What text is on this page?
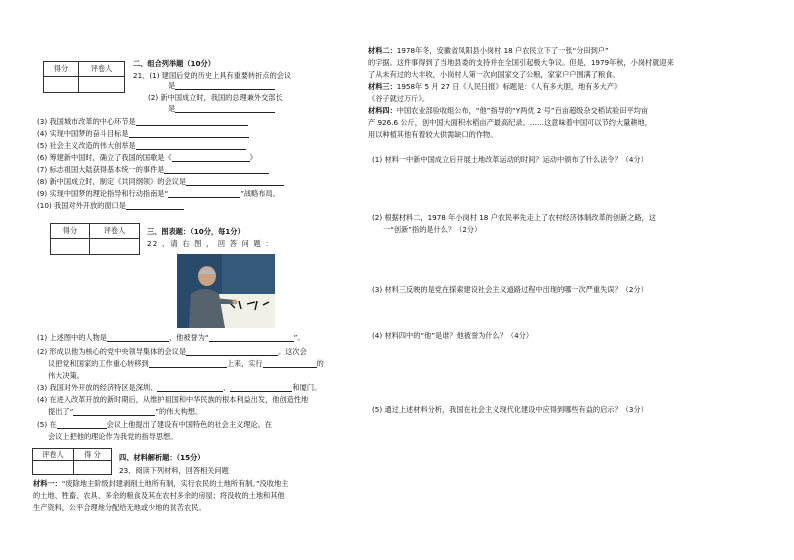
得分	评卷人

二、组合列举题（10分）
21、(1) 建国后党的历史上具有重要转折点的会议
是
(2) 新中国成立时，我国的总理兼外交部长
是
(3) 我国城市改革的中心环节是
(4) 实现中国梦的奋斗目标是
(5) 社会主义改造的伟大创举是
(6) 筹建新中国时，确立了我国的国歌是《	》
(7) 标志祖国大陆获得基本统一的事件是
(8) 新中国成立时，制定《共同纲领》的会议是
(9) 实现中国梦的理论指导和行动指南是“	”战略布局。
(10) 我国对外开放的窗口是
得分	评卷人
		三、图表题：（10分，每1分）
22 、请 右 图 ， 回 答 问 题 ：
(1) 上述图中的人物是	，他被誉为“	”。
(2) 形成以他为核心的党中央领导集体的会议是	。这次会
议把党和国家的工作重心转移到	上来，实行	的
伟大决策。
(3) 我国对外开放的经济特区是深圳、	、	和厦门。
(4) 在进入改革开放的新时期后，从维护祖国和中华民族的根本利益出发，他创造性地
提出了“	”的伟大构想。
(5) 在	会议上他提出了建设有中国特色的社会主义理论。在
会议上把他的理论作为我党的指导思想。
评卷人	得 分
		四、材料解析题：（15分）
23、阅读下列材料，回答相关问题
材料一：“废除地主阶级封建剥削土地所有制，实行农民的土地所有制。”没收地主
的土地、牲畜、农具、多余的粮食及其在农村多余的房屋；将没收的土地和其他
生产资料，公平合理地分配给无地或少地的贫苦农民。
材料二：1978年冬，安徽省凤阳县小岗村 18 户农民立下了一张“分田到户”
的字据。这件事得到了当地县委的支持并在全国引起极大争议。但是，1979年秋，小岗村就迎来
了从未有过的大丰收，小岗村人第一次向国家交了公粮，家家户户围满了粮食。
材料三：1958年 5 月 27 日《人民日报》标题是：《人有多大胆，地有多大产》
《谷子就过万斤》。
材料四：中国农业部验收组公布，“他”指导的“Y两优 2 号”百亩超级杂交稻试验田平均亩
产 926.6 公斤，创中国大面积水稻亩产最高纪录。……这意味着中国可以节约大量耕地，
用以种植其他有着较大供需缺口的作物。
(1) 材料一中新中国成立后开展土地改革运动的时间？运动中颁布了什么法令？（4分）
(2) 根据材料二，1978 年小岗村 18 户农民率先走上了农村经济体制改革的创新之路，这
一“创新”指的是什么？（2分）
(3) 材料三反映的是党在探索建设社会主义道路过程中出现的哪一次严重失误？（2分）
(4) 材料四中的“他”是谁？他被誉为什么？（4分）
(5) 通过上述材料分析，我国在社会主义现代化建设中应得到哪些有益的启示？（3分）
